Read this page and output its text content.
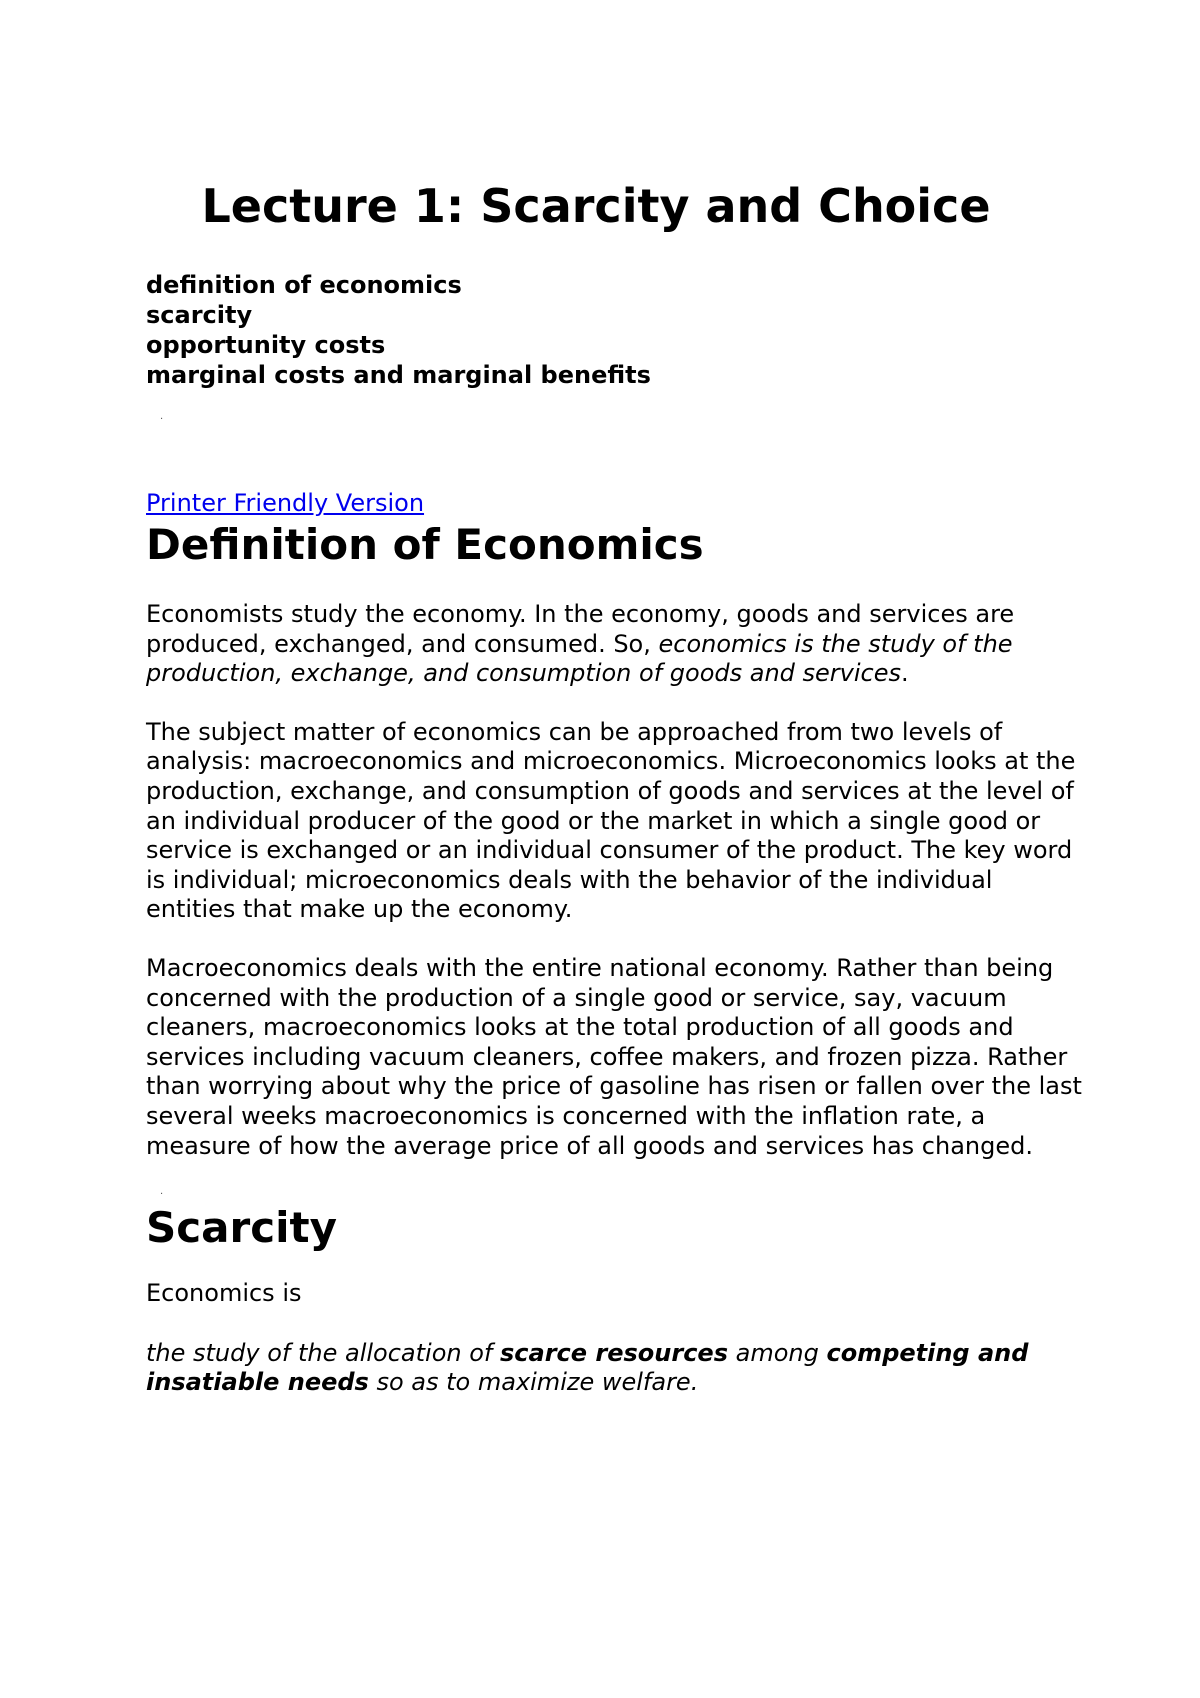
Lecture 1: Scarcity and Choice
definition of economics
scarcity
opportunity costs
marginal costs and marginal benefits
·
Printer Friendly Version
Definition of Economics

Economists study the economy. In the economy, goods and services are produced, exchanged, and consumed. So, economics is the study of the production, exchange, and consumption of goods and services.

The subject matter of economics can be approached from two levels of analysis: macroeconomics and microeconomics. Microeconomics looks at the production, exchange, and consumption of goods and services at the level of an individual producer of the good or the market in which a single good or service is exchanged or an individual consumer of the product. The key word is individual; microeconomics deals with the behavior of the individual entities that make up the economy.

Macroeconomics deals with the entire national economy. Rather than being concerned with the production of a single good or service, say, vacuum cleaners, macroeconomics looks at the total production of all goods and services including vacuum cleaners, coffee makers, and frozen pizza. Rather than worrying about why the price of gasoline has risen or fallen over the last several weeks macroeconomics is concerned with the inflation rate, a measure of how the average price of all goods and services has changed.

·
Scarcity

Economics is

the study of the allocation of scarce resources among competing and insatiable needs so as to maximize welfare.
